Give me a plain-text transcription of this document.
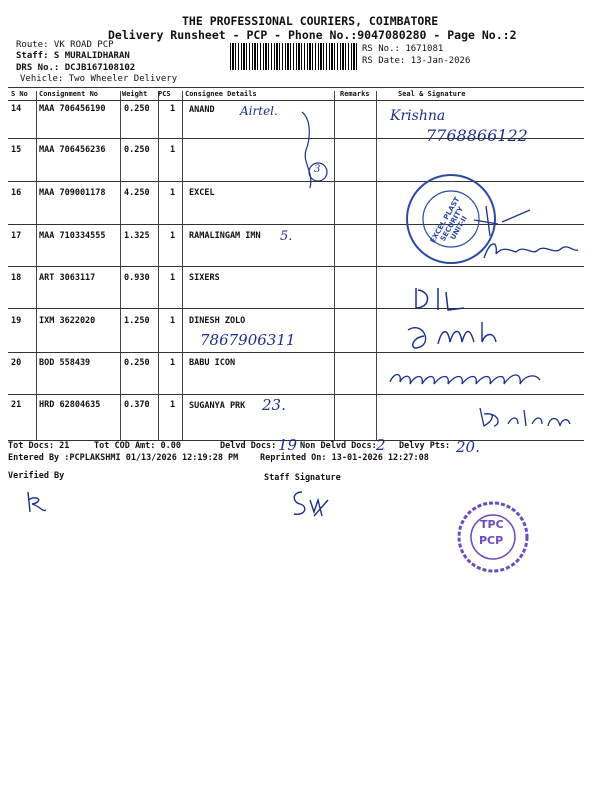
THE PROFESSIONAL COURIERS, COIMBATORE
Delivery Runsheet - PCP - Phone No.:9047080280 - Page No.:2
Route: VK ROAD PCP
Staff: S MURALIDHARAN
DRS No.: DCJB167108102
Vehicle: Two Wheeler Delivery
RS No.: 1671081
RS Date: 13-Jan-2026
S No Consignment No	Weight PCS Consignee Details	Remarks	Seal & Signature
14 MAA 706456190 0.250 1 ANAND
15 MAA 706456236 0.250 1
16 MAA 709001178 4.250 1 EXCEL
17 MAA 710334555 1.325 1 RAMALINGAM IMN
18 ART 3063117	0.930 1 SIXERS
19 IXM 3622020	1.250 1 DINESH ZOLO
20 BOD 558439	0.250 1 BABU ICON
21 HRD 62804635	0.370 1 SUGANYA PRK
Airtel.
3
Krishna
7768866122
5.
7867906311
23.
EXCEL PLAST SECURITY UNIT-II
Tot Docs: 21	Tot COD Amt: 0.00	Delvd Docs: 19 Non Delvd Docs: 2 Delvy Pts: 20.
Entered By :PCPLAKSHMI 01/13/2026 12:19:28 PM	Reprinted On: 13-01-2026 12:27:08
Verified By	Staff Signature
TPC
PCP
